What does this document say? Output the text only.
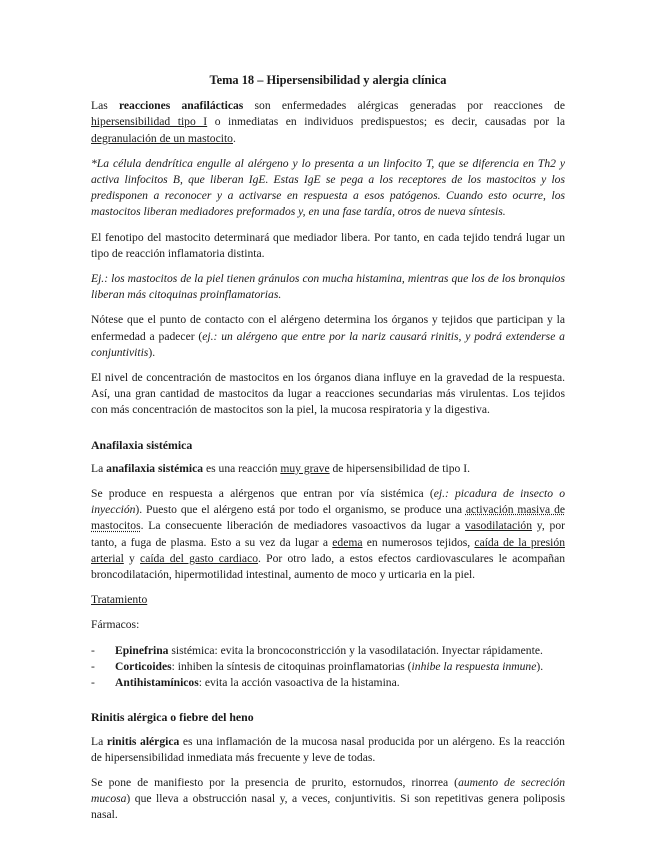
Tema 18 – Hipersensibilidad y alergia clínica

Las reacciones anafilácticas son enfermedades alérgicas generadas por reacciones de hipersensibilidad tipo I o inmediatas en individuos predispuestos; es decir, causadas por la degranulación de un mastocito.

*La célula dendrítica engulle al alérgeno y lo presenta a un linfocito T, que se diferencia en Th2 y activa linfocitos B, que liberan IgE. Estas IgE se pega a los receptores de los mastocitos y los predisponen a reconocer y a activarse en respuesta a esos patógenos. Cuando esto ocurre, los mastocitos liberan mediadores preformados y, en una fase tardía, otros de nueva síntesis.

El fenotipo del mastocito determinará que mediador libera. Por tanto, en cada tejido tendrá lugar un tipo de reacción inflamatoria distinta.

Ej.: los mastocitos de la piel tienen gránulos con mucha histamina, mientras que los de los bronquios liberan más citoquinas proinflamatorias.

Nótese que el punto de contacto con el alérgeno determina los órganos y tejidos que participan y la enfermedad a padecer (ej.: un alérgeno que entre por la nariz causará rinitis, y podrá extenderse a conjuntivitis).

El nivel de concentración de mastocitos en los órganos diana influye en la gravedad de la respuesta. Así, una gran cantidad de mastocitos da lugar a reacciones secundarias más virulentas. Los tejidos con más concentración de mastocitos son la piel, la mucosa respiratoria y la digestiva.

Anafilaxia sistémica

La anafilaxia sistémica es una reacción muy grave de hipersensibilidad de tipo I.

Se produce en respuesta a alérgenos que entran por vía sistémica (ej.: picadura de insecto o inyección). Puesto que el alérgeno está por todo el organismo, se produce una activación masiva de mastocitos. La consecuente liberación de mediadores vasoactivos da lugar a vasodilatación y, por tanto, a fuga de plasma. Esto a su vez da lugar a edema en numerosos tejidos, caída de la presión arterial y caída del gasto cardiaco. Por otro lado, a estos efectos cardiovasculares le acompañan broncodilatación, hipermotilidad intestinal, aumento de moco y urticaria en la piel.

Tratamiento

Fármacos:

- Epinefrina sistémica: evita la broncoconstricción y la vasodilatación. Inyectar rápidamente.
- Corticoides: inhiben la síntesis de citoquinas proinflamatorias (inhibe la respuesta inmune).
- Antihistamínicos: evita la acción vasoactiva de la histamina.
Rinitis alérgica o fiebre del heno

La rinitis alérgica es una inflamación de la mucosa nasal producida por un alérgeno. Es la reacción de hipersensibilidad inmediata más frecuente y leve de todas.

Se pone de manifiesto por la presencia de prurito, estornudos, rinorrea (aumento de secreción mucosa) que lleva a obstrucción nasal y, a veces, conjuntivitis. Si son repetitivas genera poliposis nasal.
